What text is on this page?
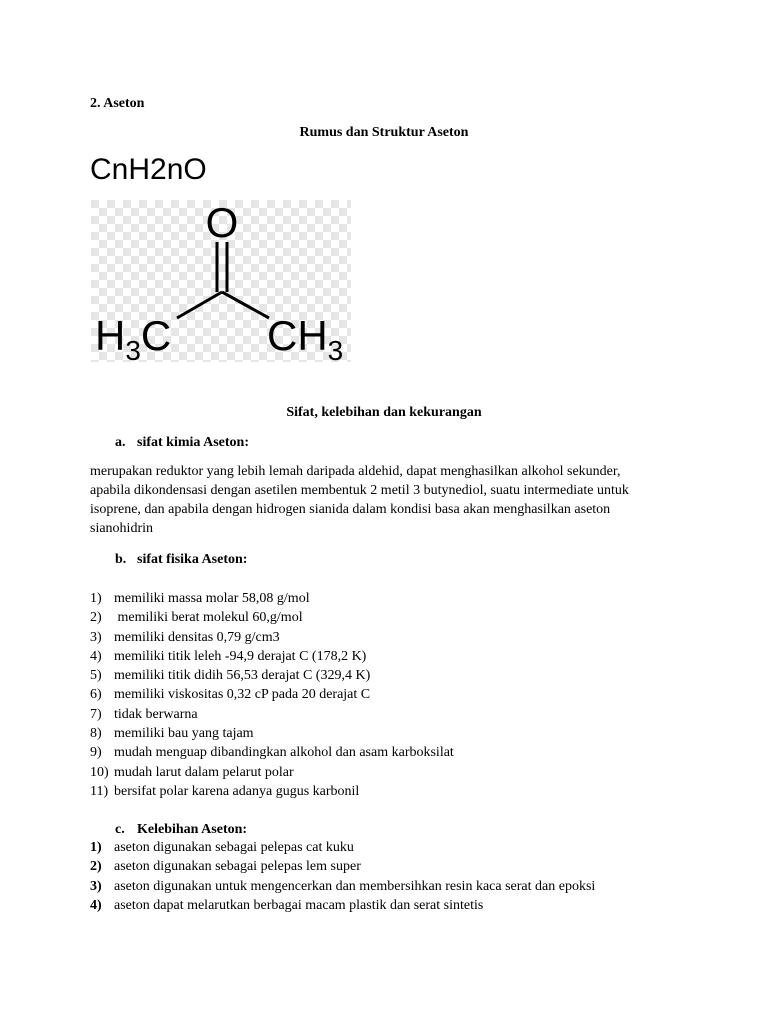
2. Aseton
Rumus dan Struktur Aseton
CnH2nO
O
$H_3C$ $CH_3$
Sifat, kelebihan dan kekurangan
a. sifat kimia Aseton:

merupakan reduktor yang lebih lemah daripada aldehid, dapat menghasilkan alkohol sekunder,

apabila dikondensasi dengan asetilen membentuk 2 metil 3 butynediol, suatu intermediate untuk

isoprene, dan apabila dengan hidrogen sianida dalam kondisi basa akan menghasilkan aseton

sianohidrin

b. sifat fisika Aseton:
1) memiliki massa molar 58,08 g/mol
2) memiliki berat molekul 60,g/mol
3) memiliki densitas 0,79 g/cm3
4) memiliki titik leleh -94,9 derajat C (178,2 K)
5) memiliki titik didih 56,53 derajat C (329,4 K)
6) memiliki viskositas 0,32 cP pada 20 derajat C
7) tidak berwarna
8) memiliki bau yang tajam
9) mudah menguap dibandingkan alkohol dan asam karboksilat
10) mudah larut dalam pelarut polar
11) bersifat polar karena adanya gugus karbonil
c. Kelebihan Aseton:
1) aseton digunakan sebagai pelepas cat kuku
2) aseton digunakan sebagai pelepas lem super
3) aseton digunakan untuk mengencerkan dan membersihkan resin kaca serat dan epoksi
4) aseton dapat melarutkan berbagai macam plastik dan serat sintetis
